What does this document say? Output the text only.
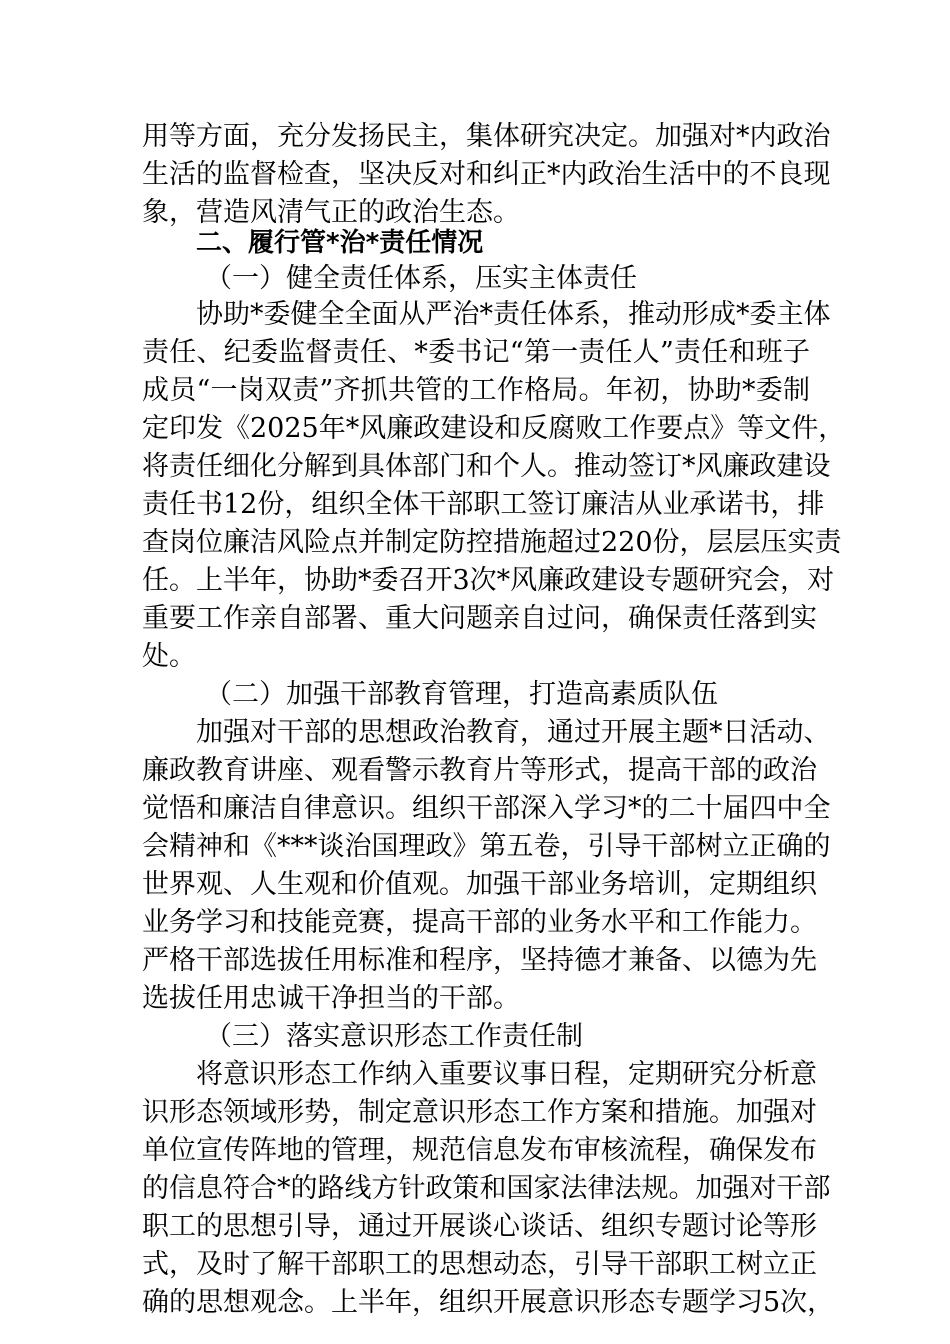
用等方面，充分发扬民主，集体研究决定。加强对*内政治
生活的监督检查，坚决反对和纠正*内政治生活中的不良现
象，营造风清气正的政治生态。
二、履行管*治*责任情况
（一）健全责任体系，压实主体责任
协助*委健全全面从严治*责任体系，推动形成*委主体
责任、纪委监督责任、*委书记“第一责任人”责任和班子
成员“一岗双责”齐抓共管的工作格局。年初，协助*委制
定印发《2025年*风廉政建设和反腐败工作要点》等文件，
将责任细化分解到具体部门和个人。推动签订*风廉政建设
责任书12份，组织全体干部职工签订廉洁从业承诺书，排
查岗位廉洁风险点并制定防控措施超过220份，层层压实责
任。上半年，协助*委召开3次*风廉政建设专题研究会，对
重要工作亲自部署、重大问题亲自过问，确保责任落到实
处。
（二）加强干部教育管理，打造高素质队伍
加强对干部的思想政治教育，通过开展主题*日活动、
廉政教育讲座、观看警示教育片等形式，提高干部的政治
觉悟和廉洁自律意识。组织干部深入学习*的二十届四中全
会精神和《***谈治国理政》第五卷，引导干部树立正确的
世界观、人生观和价值观。加强干部业务培训，定期组织
业务学习和技能竞赛，提高干部的业务水平和工作能力。
严格干部选拔任用标准和程序，坚持德才兼备、以德为先
选拔任用忠诚干净担当的干部。
（三）落实意识形态工作责任制
将意识形态工作纳入重要议事日程，定期研究分析意
识形态领域形势，制定意识形态工作方案和措施。加强对
单位宣传阵地的管理，规范信息发布审核流程，确保发布
的信息符合*的路线方针政策和国家法律法规。加强对干部
职工的思想引导，通过开展谈心谈话、组织专题讨论等形
式，及时了解干部职工的思想动态，引导干部职工树立正
确的思想观念。上半年，组织开展意识形态专题学习5次，
